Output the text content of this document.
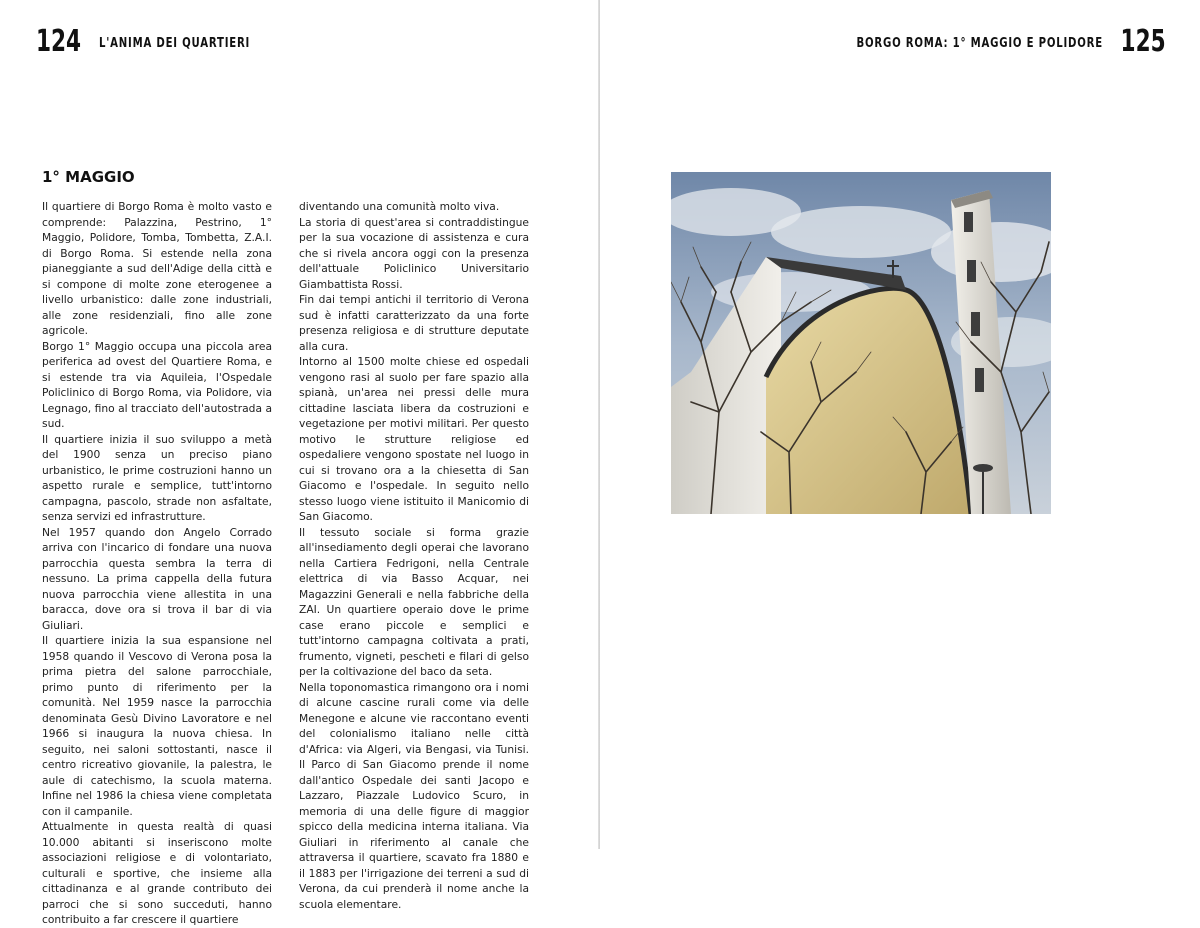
124 L'ANIMA DEI QUARTIERI
1° MAGGIO

Il quartiere di Borgo Roma è molto vasto e comprende: Palazzina, Pestrino, 1° Maggio, Polidore, Tomba, Tombetta, Z.A.I. di Borgo Roma. Si estende nella zona pianeggiante a sud dell'Adige della città e si compone di molte zone eterogenee a livello urbanistico: dalle zone industriali, alle zone residenziali, fino alle zone agricole.

Borgo 1° Maggio occupa una piccola area periferica ad ovest del Quartiere Roma, e si estende tra via Aquileia, l'Ospedale Policlinico di Borgo Roma, via Polidore, via Legnago, fino al tracciato dell'autostrada a sud.

Il quartiere inizia il suo sviluppo a metà del 1900 senza un preciso piano urbanistico, le prime costruzioni hanno un aspetto rurale e semplice, tutt'intorno campagna, pascolo, strade non asfaltate, senza servizi ed infrastrutture.

Nel 1957 quando don Angelo Corrado arriva con l'incarico di fondare una nuova parrocchia questa sembra la terra di nessuno. La prima cappella della futura nuova parrocchia viene allestita in una baracca, dove ora si trova il bar di via Giuliari.

Il quartiere inizia la sua espansione nel 1958 quando il Vescovo di Verona posa la prima pietra del salone parrocchiale, primo punto di riferimento per la comunità. Nel 1959 nasce la parrocchia denominata Gesù Divino Lavoratore e nel 1966 si inaugura la nuova chiesa. In seguito, nei saloni sottostanti, nasce il centro ricreativo giovanile, la palestra, le aule di catechismo, la scuola materna. Infine nel 1986 la chiesa viene completata con il campanile.

Attualmente in questa realtà di quasi 10.000 abitanti si inseriscono molte associazioni religiose e di volontariato, culturali e sportive, che insieme alla cittadinanza e al grande contributo dei parroci che si sono succeduti, hanno contribuito a far crescere il quartiere

diventando una comunità molto viva.

La storia di quest'area si contraddistingue per la sua vocazione di assistenza e cura che si rivela ancora oggi con la presenza dell'attuale Policlinico Universitario Giambattista Rossi.

Fin dai tempi antichi il territorio di Verona sud è infatti caratterizzato da una forte presenza religiosa e di strutture deputate alla cura.

Intorno al 1500 molte chiese ed ospedali vengono rasi al suolo per fare spazio alla spianà, un'area nei pressi delle mura cittadine lasciata libera da costruzioni e vegetazione per motivi militari. Per questo motivo le strutture religiose ed ospedaliere vengono spostate nel luogo in cui si trovano ora a la chiesetta di San Giacomo e l'ospedale. In seguito nello stesso luogo viene istituito il Manicomio di San Giacomo.

Il tessuto sociale si forma grazie all'insediamento degli operai che lavorano nella Cartiera Fedrigoni, nella Centrale elettrica di via Basso Acquar, nei Magazzini Generali e nella fabbriche della ZAI. Un quartiere operaio dove le prime case erano piccole e semplici e tutt'intorno campagna coltivata a prati, frumento, vigneti, pescheti e filari di gelso per la coltivazione del baco da seta.

Nella toponomastica rimangono ora i nomi di alcune cascine rurali come via delle Menegone e alcune vie raccontano eventi del colonialismo italiano nelle città d'Africa: via Algeri, via Bengasi, via Tunisi. Il Parco di San Giacomo prende il nome dall'antico Ospedale dei santi Jacopo e Lazzaro, Piazzale Ludovico Scuro, in memoria di una delle figure di maggior spicco della medicina interna italiana. Via Giuliari in riferimento al canale che attraversa il quartiere, scavato fra 1880 e il 1883 per l'irrigazione dei terreni a sud di Verona, da cui prenderà il nome anche la scuola elementare.

BORGO ROMA: 1° MAGGIO E POLIDORE 125
